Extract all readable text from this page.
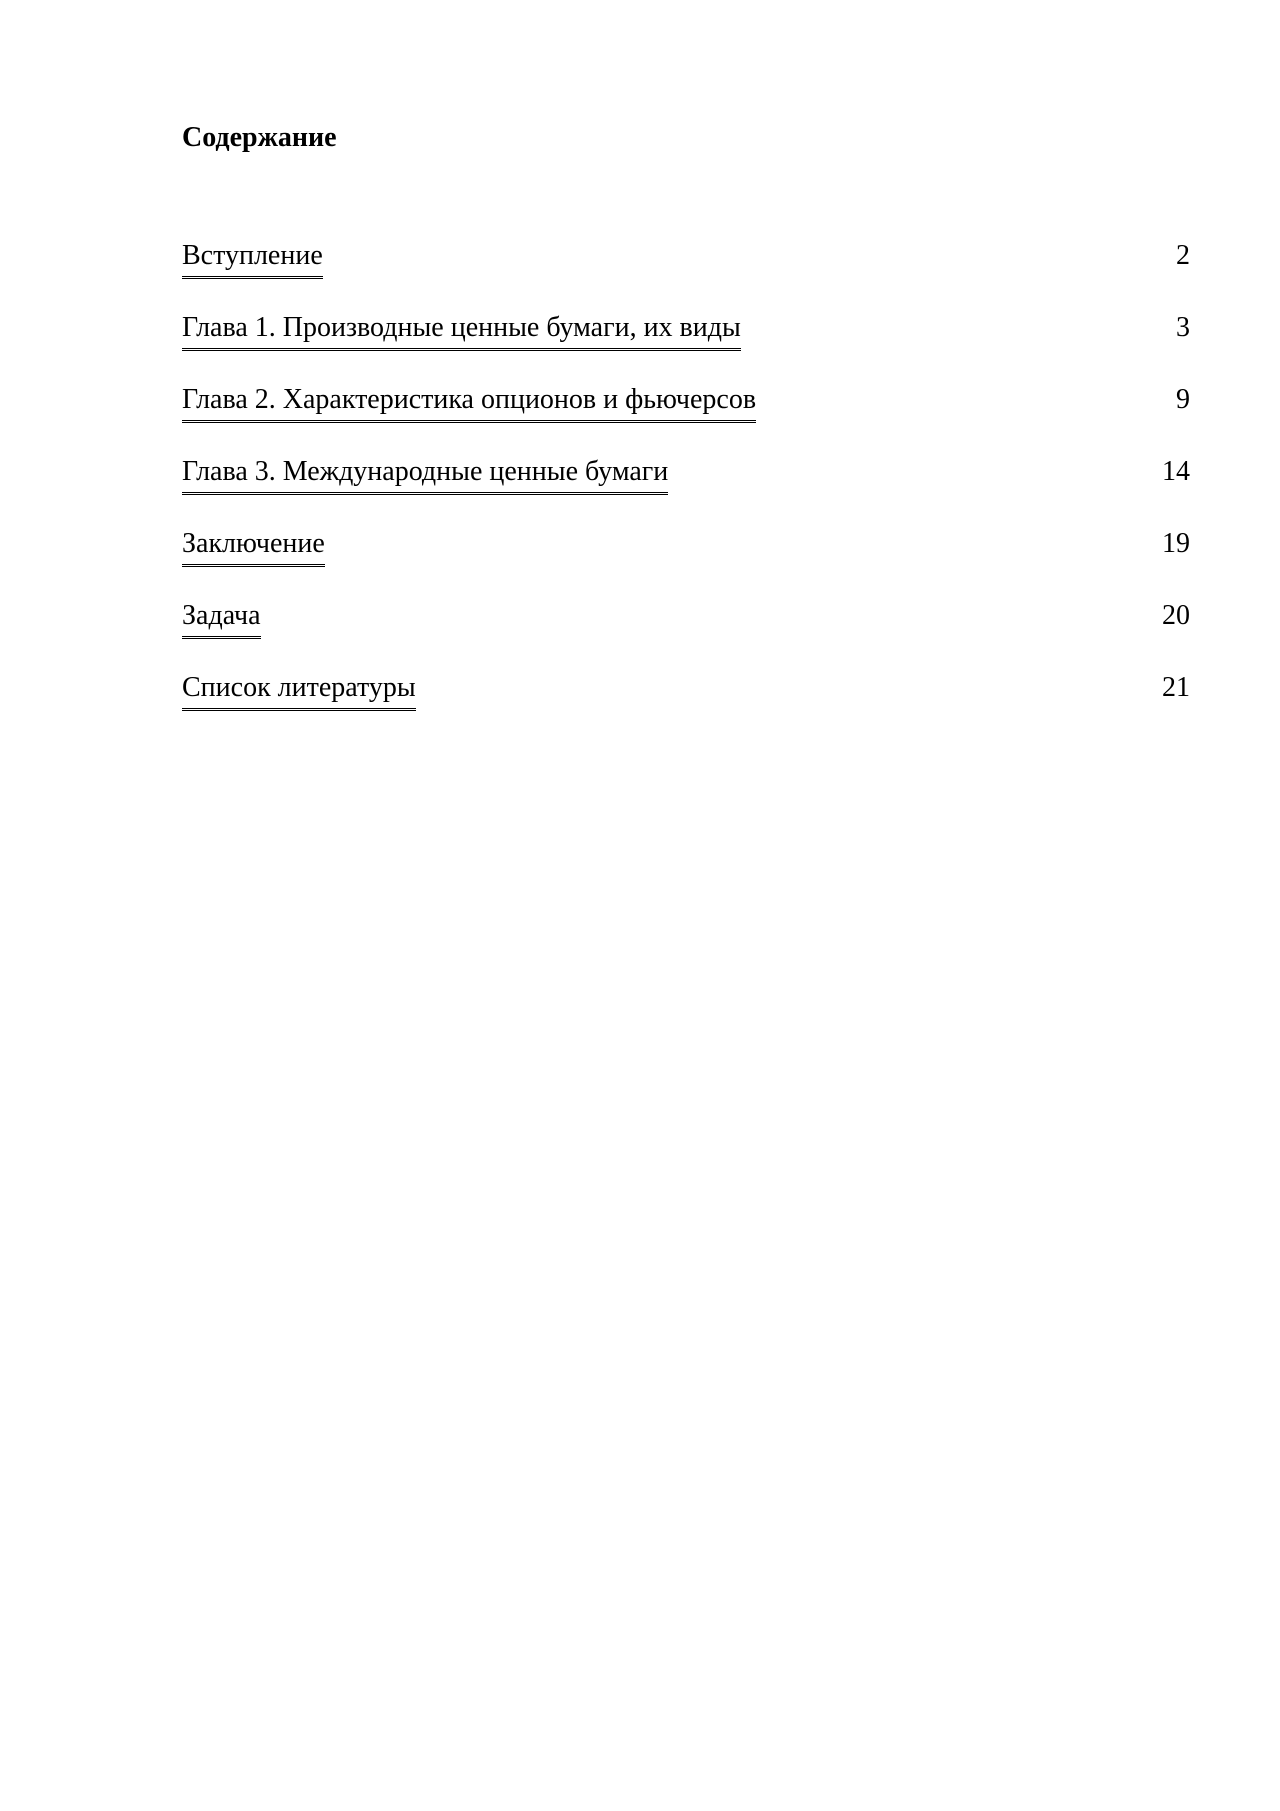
Содержание
Вступление	2
Глава 1. Производные ценные бумаги, их виды	3
Глава 2. Характеристика опционов и фьючерсов	9
Глава 3. Международные ценные бумаги	14
Заключение	19
Задача	20
Список литературы	21
